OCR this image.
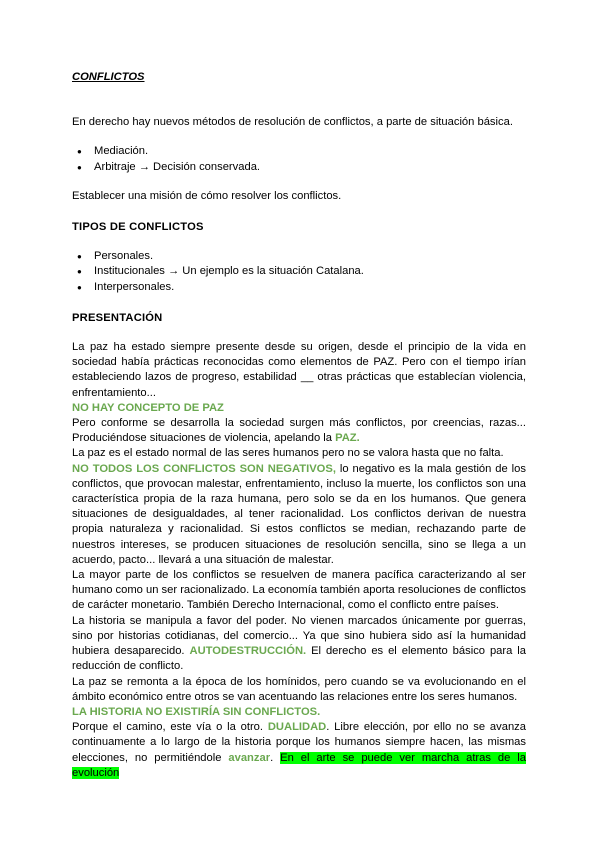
CONFLICTOS

En derecho hay nuevos métodos de resolución de conflictos, a parte de situación básica.

● Mediación.
● Arbitraje → Decisión conservada.

Establecer una misión de cómo resolver los conflictos.

TIPOS DE CONFLICTOS

● Personales.
● Institucionales → Un ejemplo es la situación Catalana.
● Interpersonales.

PRESENTACIÓN

La paz ha estado siempre presente desde su origen, desde el principio de la vida en sociedad había prácticas reconocidas como elementos de PAZ. Pero con el tiempo irían estableciendo lazos de progreso, estabilidad __ otras prácticas que establecían violencia, enfrentamiento...

NO HAY CONCEPTO DE PAZ

Pero conforme se desarrolla la sociedad surgen más conflictos, por creencias, razas... Produciéndose situaciones de violencia, apelando la PAZ.

La paz es el estado normal de las seres humanos pero no se valora hasta que no falta.

NO TODOS LOS CONFLICTOS SON NEGATIVOS, lo negativo es la mala gestión de los conflictos, que provocan malestar, enfrentamiento, incluso la muerte, los conflictos son una característica propia de la raza humana, pero solo se da en los humanos. Que genera situaciones de desigualdades, al tener racionalidad. Los conflictos derivan de nuestra propia naturaleza y racionalidad. Si estos conflictos se median, rechazando parte de nuestros intereses, se producen situaciones de resolución sencilla, sino se llega a un acuerdo, pacto... llevará a una situación de malestar.

La mayor parte de los conflictos se resuelven de manera pacífica caracterizando al ser humano como un ser racionalizado. La economía también aporta resoluciones de conflictos de carácter monetario. También Derecho Internacional, como el conflicto entre países.

La historia se manipula a favor del poder. No vienen marcados únicamente por guerras, sino por historias cotidianas, del comercio... Ya que sino hubiera sido así la humanidad hubiera desaparecido. AUTODESTRUCCIÓN. El derecho es el elemento básico para la reducción de conflicto.

La paz se remonta a la época de los homínidos, pero cuando se va evolucionando en el ámbito económico entre otros se van acentuando las relaciones entre los seres humanos.

LA HISTORIA NO EXISTIRÍA SIN CONFLICTOS.

Porque el camino, este vía o la otro. DUALIDAD. Libre elección, por ello no se avanza continuamente a lo largo de la historia porque los humanos siempre hacen, las mismas elecciones, no permitiéndole avanzar. En el arte se puede ver marcha atras de la evolución
